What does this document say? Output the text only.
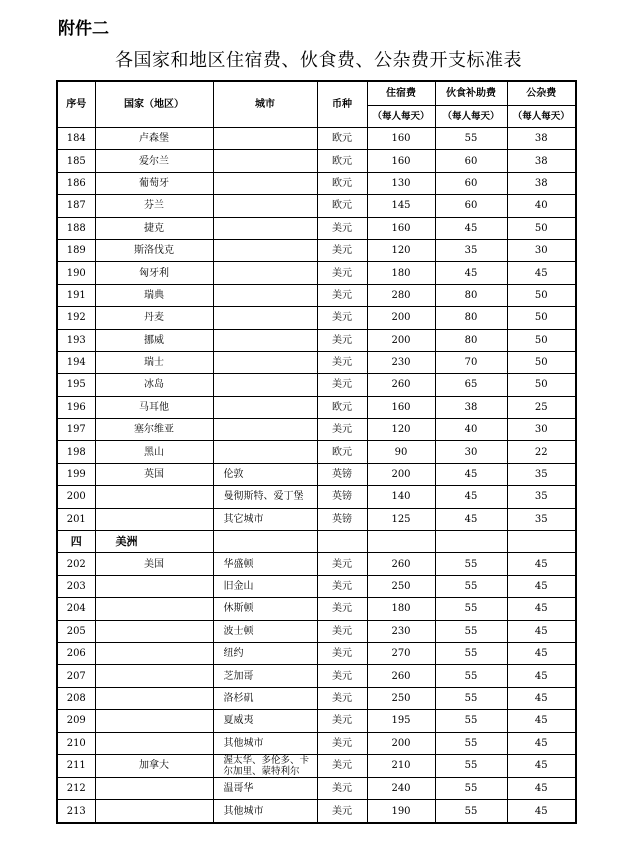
附件二
各国家和地区住宿费、伙食费、公杂费开支标准表
序号	国家（地区）	城市	币种	住宿费	伙食补助费	公杂费
				（每人每天）	（每人每天）	（每人每天）
184	卢森堡		欧元	160	55	38
185	爱尔兰		欧元	160	60	38
186	葡萄牙		欧元	130	60	38
187	芬兰		欧元	145	60	40
188	捷克		美元	160	45	50
189	斯洛伐克		美元	120	35	30
190	匈牙利		美元	180	45	45
191	瑞典		美元	280	80	50
192	丹麦		美元	200	80	50
193	挪威		美元	200	80	50
194	瑞士		美元	230	70	50
195	冰岛		美元	260	65	50
196	马耳他		欧元	160	38	25
197	塞尔维亚		美元	120	40	30
198	黑山		欧元	90	30	22
199	英国	伦敦	英镑	200	45	35
200		曼彻斯特、爱丁堡	英镑	140	45	35
201		其它城市	英镑	125	45	35
四	美洲					
202	美国	华盛顿	美元	260	55	45
203		旧金山	美元	250	55	45
204		休斯顿	美元	180	55	45
205		波士顿	美元	230	55	45
206		纽约	美元	270	55	45
207		芝加哥	美元	260	55	45
208		洛杉矶	美元	250	55	45
209		夏威夷	美元	195	55	45
210		其他城市	美元	200	55	45
211	加拿大	渥太华、多伦多、卡尔加里、蒙特利尔	美元	210	55	45
212		温哥华	美元	240	55	45
213		其他城市	美元	190	55	45
